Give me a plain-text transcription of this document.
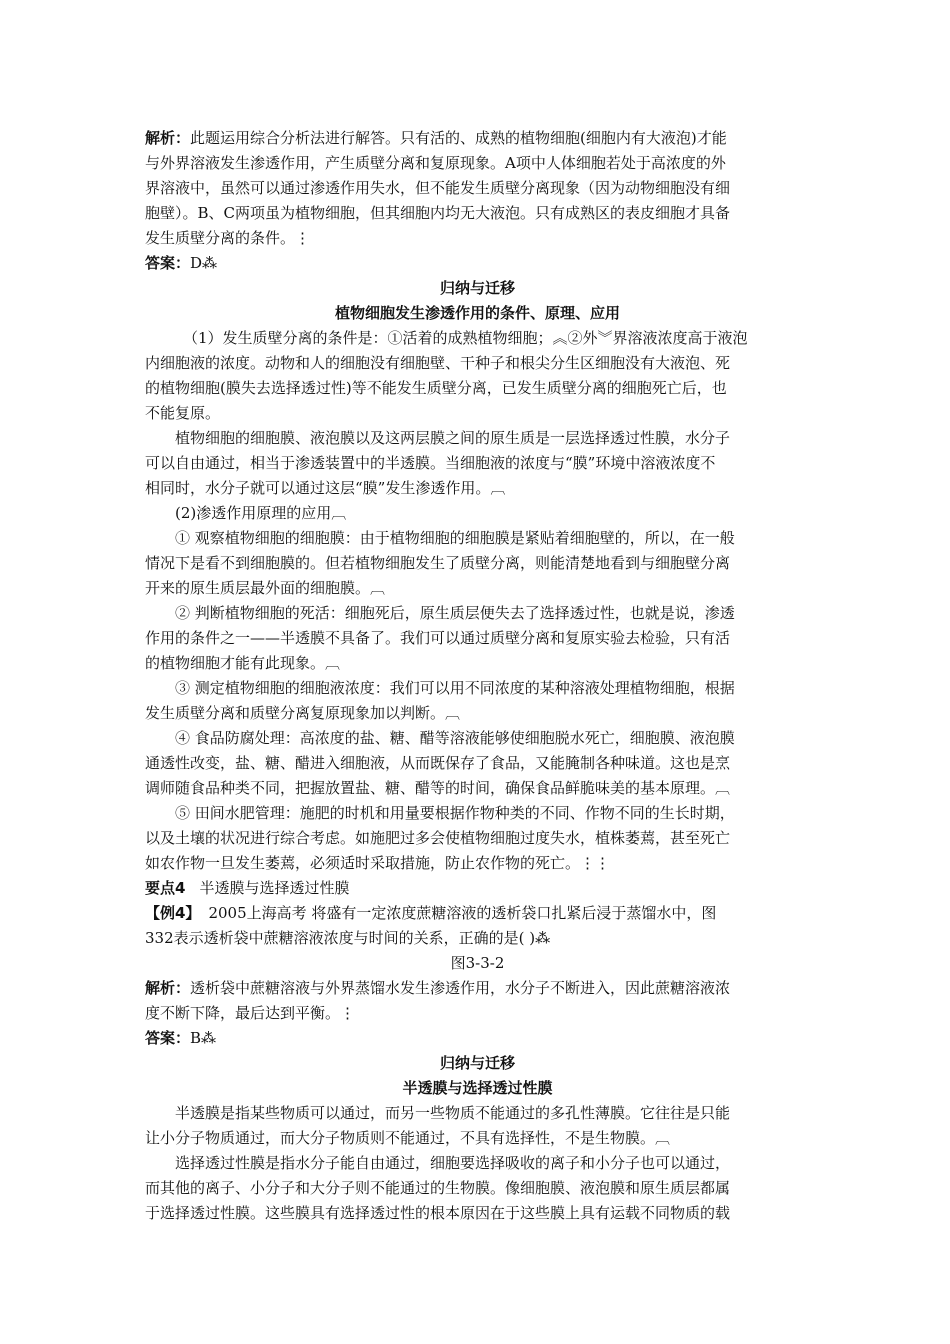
解析：此题运用综合分析法进行解答。只有活的、成熟的植物细胞(细胞内有大液泡)才能
与外界溶液发生渗透作用，产生质壁分离和复原现象。A项中人体细胞若处于高浓度的外
界溶液中，虽然可以通过渗透作用失水，但不能发生质壁分离现象（因为动物细胞没有细
胞壁）。B、C两项虽为植物细胞，但其细胞内均无大液泡。只有成熟区的表皮细胞才具备
发生质壁分离的条件。⋮
答案：D⁂
归纳与迁移
植物细胞发生渗透作用的条件、原理、应用
（1）发生质壁分离的条件是：①活着的成熟植物细胞；︽②外︾界溶液浓度高于液泡
内细胞液的浓度。动物和人的细胞没有细胞壁、干种子和根尖分生区细胞没有大液泡、死
的植物细胞(膜失去选择透过性)等不能发生质壁分离，已发生质壁分离的细胞死亡后，也
不能复原。
植物细胞的细胞膜、液泡膜以及这两层膜之间的原生质是一层选择透过性膜，水分子
可以自由通过，相当于渗透装置中的半透膜。当细胞液的浓度与“膜”环境中溶液浓度不
相同时，水分子就可以通过这层“膜”发生渗透作用。︹
(2)渗透作用原理的应用︹
① 观察植物细胞的细胞膜：由于植物细胞的细胞膜是紧贴着细胞壁的，所以，在一般
情况下是看不到细胞膜的。但若植物细胞发生了质壁分离，则能清楚地看到与细胞壁分离
开来的原生质层最外面的细胞膜。︹
② 判断植物细胞的死活：细胞死后，原生质层便失去了选择透过性，也就是说，渗透
作用的条件之一——半透膜不具备了。我们可以通过质壁分离和复原实验去检验，只有活
的植物细胞才能有此现象。︹
③ 测定植物细胞的细胞液浓度：我们可以用不同浓度的某种溶液处理植物细胞，根据
发生质壁分离和质壁分离复原现象加以判断。︹
④ 食品防腐处理：高浓度的盐、糖、醋等溶液能够使细胞脱水死亡，细胞膜、液泡膜
通透性改变，盐、糖、醋进入细胞液，从而既保存了食品，又能腌制各种味道。这也是烹
调师随食品种类不同，把握放置盐、糖、醋等的时间，确保食品鲜脆味美的基本原理。︹
⑤ 田间水肥管理：施肥的时机和用量要根据作物种类的不同、作物不同的生长时期，
以及土壤的状况进行综合考虑。如施肥过多会使植物细胞过度失水，植株萎蔫，甚至死亡
如农作物一旦发生萎蔫，必须适时采取措施，防止农作物的死亡。⋮⋮
要点4 半透膜与选择透过性膜
【例4】 2005上海高考 将盛有一定浓度蔗糖溶液的透析袋口扎紧后浸于蒸馏水中，图
332表示透析袋中蔗糖溶液浓度与时间的关系，正确的是( )⁂
图3-3-2
解析：透析袋中蔗糖溶液与外界蒸馏水发生渗透作用，水分子不断进入，因此蔗糖溶液浓
度不断下降，最后达到平衡。⋮
答案：B⁂
归纳与迁移
半透膜与选择透过性膜
半透膜是指某些物质可以通过，而另一些物质不能通过的多孔性薄膜。它往往是只能
让小分子物质通过，而大分子物质则不能通过，不具有选择性，不是生物膜。︹
选择透过性膜是指水分子能自由通过，细胞要选择吸收的离子和小分子也可以通过，
而其他的离子、小分子和大分子则不能通过的生物膜。像细胞膜、液泡膜和原生质层都属
于选择透过性膜。这些膜具有选择透过性的根本原因在于这些膜上具有运载不同物质的载
